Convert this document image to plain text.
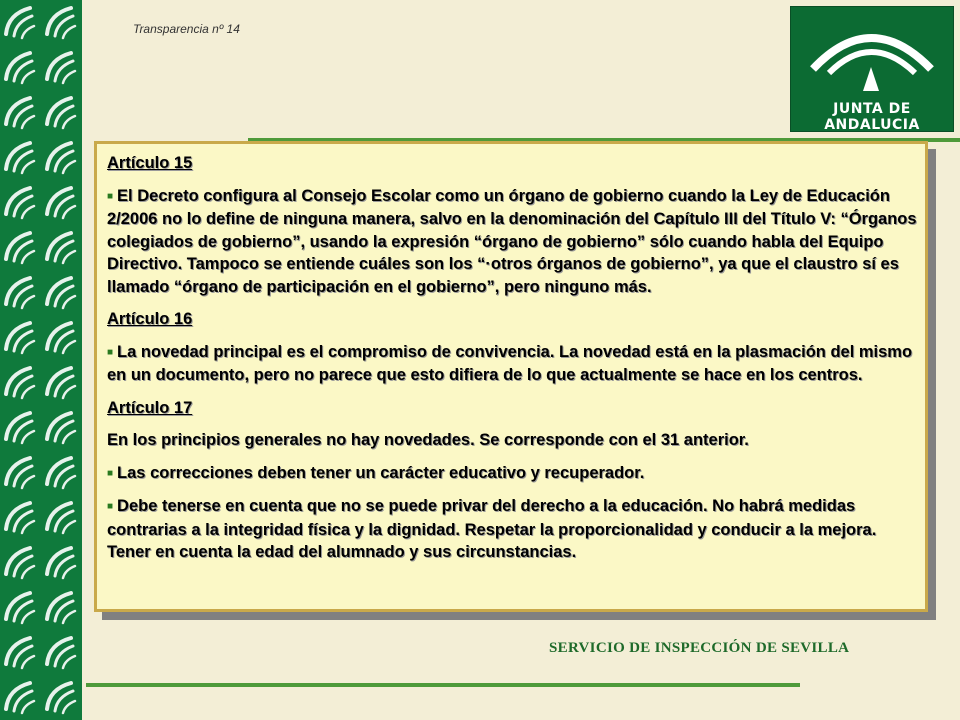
Transparencia nº 14
JUNTA DE ANDALUCIA
Artículo 15
■ El Decreto configura al Consejo Escolar como un órgano de gobierno cuando la Ley de Educación 2/2006 no lo define de ninguna manera, salvo en la denominación del Capítulo III del Título V: “Órganos colegiados de gobierno”, usando la expresión “órgano de gobierno” sólo cuando habla del Equipo Directivo. Tampoco se entiende cuáles son los “·otros órganos de gobierno”, ya que el claustro sí es llamado “órgano de participación en el gobierno”, pero ninguno más.
Artículo 16
■ La novedad principal es el compromiso de convivencia. La novedad está en la plasmación del mismo en un documento, pero no parece que esto difiera de lo que actualmente se hace en los centros.
Artículo 17
En los principios generales no hay novedades. Se corresponde con el 31 anterior.
■ Las correcciones deben tener un carácter educativo y recuperador.
■ Debe tenerse en cuenta que no se puede privar del derecho a la educación. No habrá medidas contrarias a la integridad física y la dignidad. Respetar la proporcionalidad y conducir a la mejora. Tener en cuenta la edad del alumnado y sus circunstancias.
SERVICIO DE INSPECCIÓN DE SEVILLA
